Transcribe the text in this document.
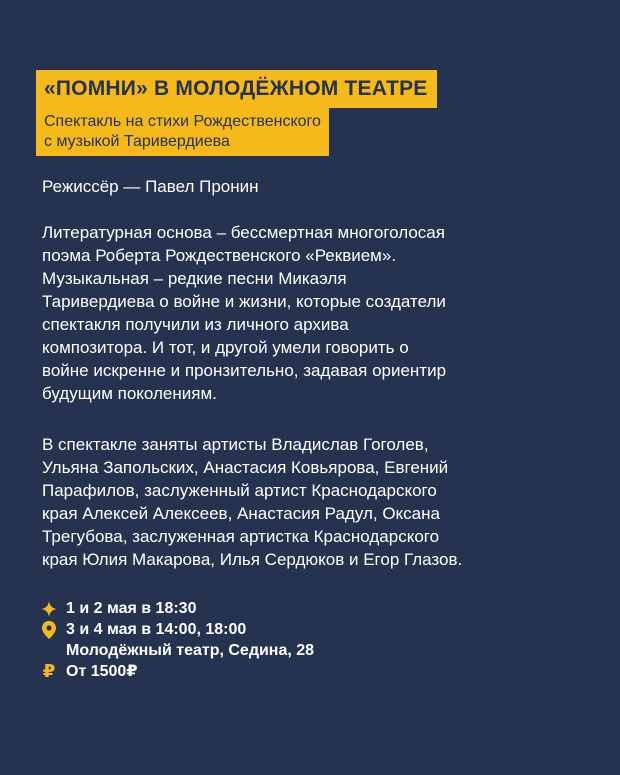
«ПОМНИ» В МОЛОДЁЖНОМ ТЕАТРЕ

Спектакль на стихи Рождественского
с музыкой Таривердиева
Режиссёр — Павел Пронин
Литературная основа – бессмертная многоголосая
поэма Роберта Рождественского «Реквием».
Музыкальная – редкие песни Микаэля
Таривердиева о войне и жизни, которые создатели
спектакля получили из личного архива
композитора. И тот, и другой умели говорить о
войне искренне и пронзительно, задавая ориентир
будущим поколениям.
В спектакле заняты артисты Владислав Гоголев,
Ульяна Запольских, Анастасия Ковьярова, Евгений
Парафилов, заслуженный артист Краснодарского
края Алексей Алексеев, Анастасия Радул, Оксана
Трегубова, заслуженная артистка Краснодарского
края Юлия Макарова, Илья Сердюков и Егор Глазов.
1 и 2 мая в 18:30
3 и 4 мая в 14:00, 18:00
Молодёжный театр, Седина, 28
₽ От 1500₽
